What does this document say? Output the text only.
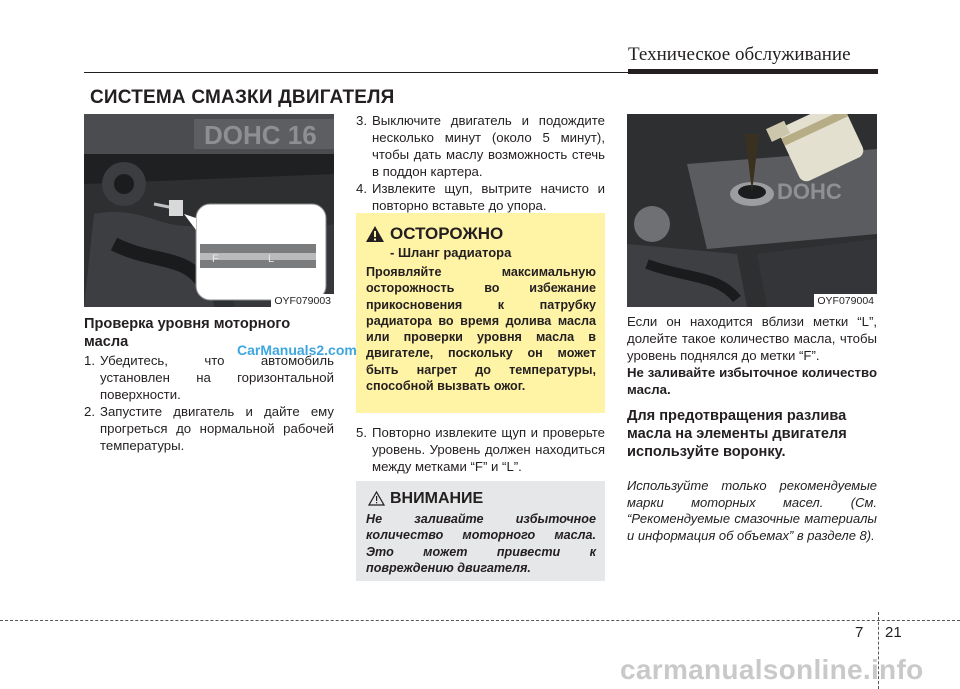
Техническое обслуживание
СИСТЕМА СМАЗКИ ДВИГАТЕЛЯ
DOHC 16
F	L
OYF079003
Проверка уровня моторного масла
1. Убедитесь, что автомобиль установлен на горизонтальной поверхности.
2. Запустите двигатель и дайте ему прогреться до нормальной рабочей температуры.
3. Выключите двигатель и подождите несколько минут (около 5 минут), чтобы дать маслу возможность стечь в поддон картера.
4. Извлеките щуп, вытрите начисто и повторно вставьте до упора.
ОСТОРОЖНО
- Шланг радиатора
Проявляйте максимальную осторожность во избежание прикосновения к патрубку радиатора во время долива масла или проверки уровня масла в двигателе, поскольку он может быть нагрет до температуры, способной вызвать ожог.
5. Повторно извлеките щуп и проверьте уровень. Уровень должен находиться между метками “F” и “L”.
ВНИМАНИЕ
Не заливайте избыточное количество моторного масла. Это может привести к повреждению двигателя.
DOHC
OYF079004
Если он находится вблизи метки “L”, долейте такое количество масла, чтобы уровень поднялся до метки “F”.
Не заливайте избыточное количество масла.
Для предотвращения разлива масла на элементы двигателя используйте воронку.
Используйте только рекомендуемые марки моторных масел. (См. “Рекомендуемые смазочные материалы и информация об объемах” в разделе 8).
CarManuals2.com
7 21
carmanualsonline.info
